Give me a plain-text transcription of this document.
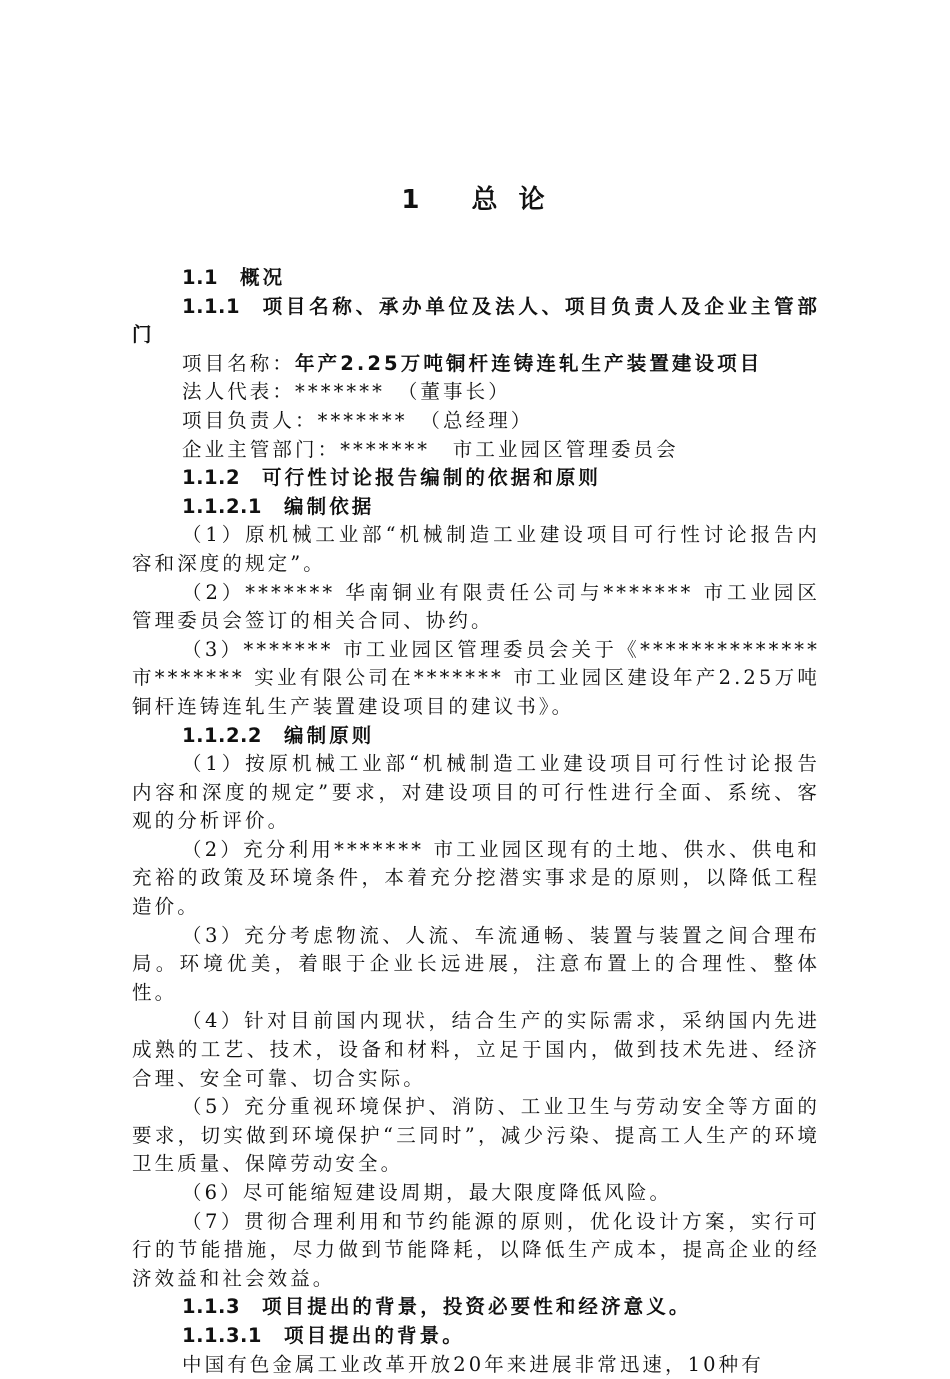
1 总 论

1.1 概况

1.1.1 项目名称、承办单位及法人、项目负责人及企业主管部门

项目名称：年产2.25万吨铜杆连铸连轧生产装置建设项目

法人代表：*******　（董事长）

项目负责人：*******　（总经理）

企业主管部门：*******　市工业园区管理委员会

1.1.2 可行性讨论报告编制的依据和原则

1.1.2.1 编制依据

（1）原机械工业部“机械制造工业建设项目可行性讨论报告内容和深度的规定”。

（2）******* 华南铜业有限责任公司与******* 市工业园区管理委员会签订的相关合同、协约。

（3）******* 市工业园区管理委员会关于《************** 市******* 实业有限公司在******* 市工业园区建设年产2.25万吨铜杆连铸连轧生产装置建设项目的建议书》。

1.1.2.2 编制原则

（1）按原机械工业部“机械制造工业建设项目可行性讨论报告内容和深度的规定”要求，对建设项目的可行性进行全面、系统、客观的分析评价。

（2）充分利用******* 市工业园区现有的土地、供水、供电和充裕的政策及环境条件，本着充分挖潜实事求是的原则，以降低工程造价。

（3）充分考虑物流、人流、车流通畅、装置与装置之间合理布局。环境优美，着眼于企业长远进展，注意布置上的合理性、整体性。

（4）针对目前国内现状，结合生产的实际需求，采纳国内先进成熟的工艺、技术，设备和材料，立足于国内，做到技术先进、经济合理、安全可靠、切合实际。

（5）充分重视环境保护、消防、工业卫生与劳动安全等方面的要求，切实做到环境保护“三同时”，减少污染、提高工人生产的环境卫生质量、保障劳动安全。

（6）尽可能缩短建设周期，最大限度降低风险。

（7）贯彻合理利用和节约能源的原则，优化设计方案，实行可行的节能措施，尽力做到节能降耗，以降低生产成本，提高企业的经济效益和社会效益。

1.1.3 项目提出的背景，投资必要性和经济意义。

1.1.3.1 项目提出的背景。

中国有色金属工业改革开放20年来进展非常迅速，10种有
